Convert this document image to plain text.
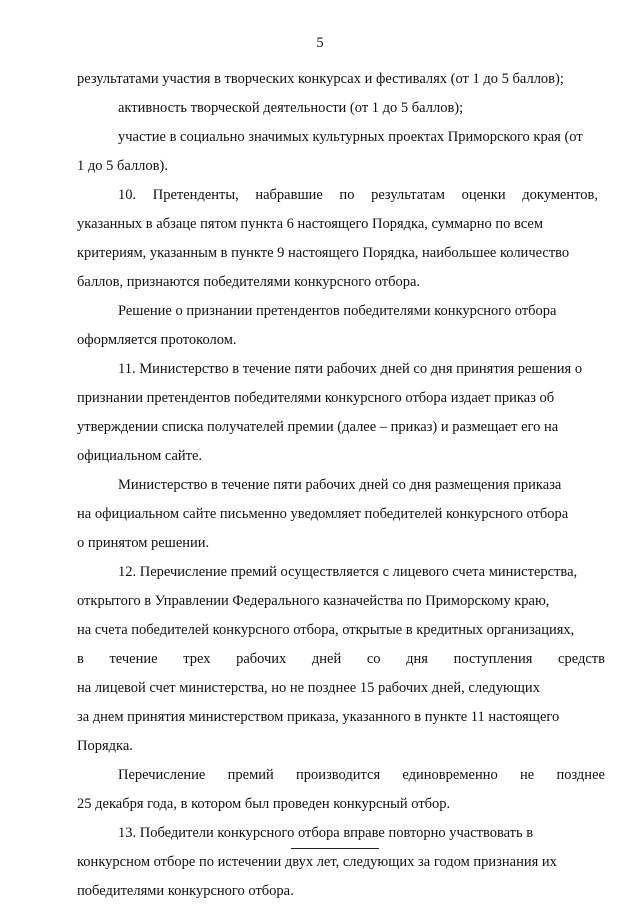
5
результатами участия в творческих конкурсах и фестивалях (от 1 до 5 баллов);
активность творческой деятельности (от 1 до 5 баллов);
участие в социально значимых культурных проектах Приморского края (от
1 до 5 баллов).
10. Претенденты, набравшие по результатам оценки документов,
указанных в абзаце пятом пункта 6 настоящего Порядка, суммарно по всем
критериям, указанным в пункте 9 настоящего Порядка, наибольшее количество
баллов, признаются победителями конкурсного отбора.
Решение о признании претендентов победителями конкурсного отбора
оформляется протоколом.
11. Министерство в течение пяти рабочих дней со дня принятия решения о
признании претендентов победителями конкурсного отбора издает приказ об
утверждении списка получателей премии (далее – приказ) и размещает его на
официальном сайте.
Министерство в течение пяти рабочих дней со дня размещения приказа
на официальном сайте письменно уведомляет победителей конкурсного отбора
о принятом решении.
12. Перечисление премий осуществляется с лицевого счета министерства,
открытого в Управлении Федерального казначейства по Приморскому краю,
на счета победителей конкурсного отбора, открытые в кредитных организациях,
в течение трех рабочих дней со дня поступления средств
на лицевой счет министерства, но не позднее 15 рабочих дней, следующих
за днем принятия министерством приказа, указанного в пункте 11 настоящего
Порядка.
Перечисление премий производится единовременно не позднее
25 декабря года, в котором был проведен конкурсный отбор.
13. Победители конкурсного отбора вправе повторно участвовать в
конкурсном отборе по истечении двух лет, следующих за годом признания их
победителями конкурсного отбора.
